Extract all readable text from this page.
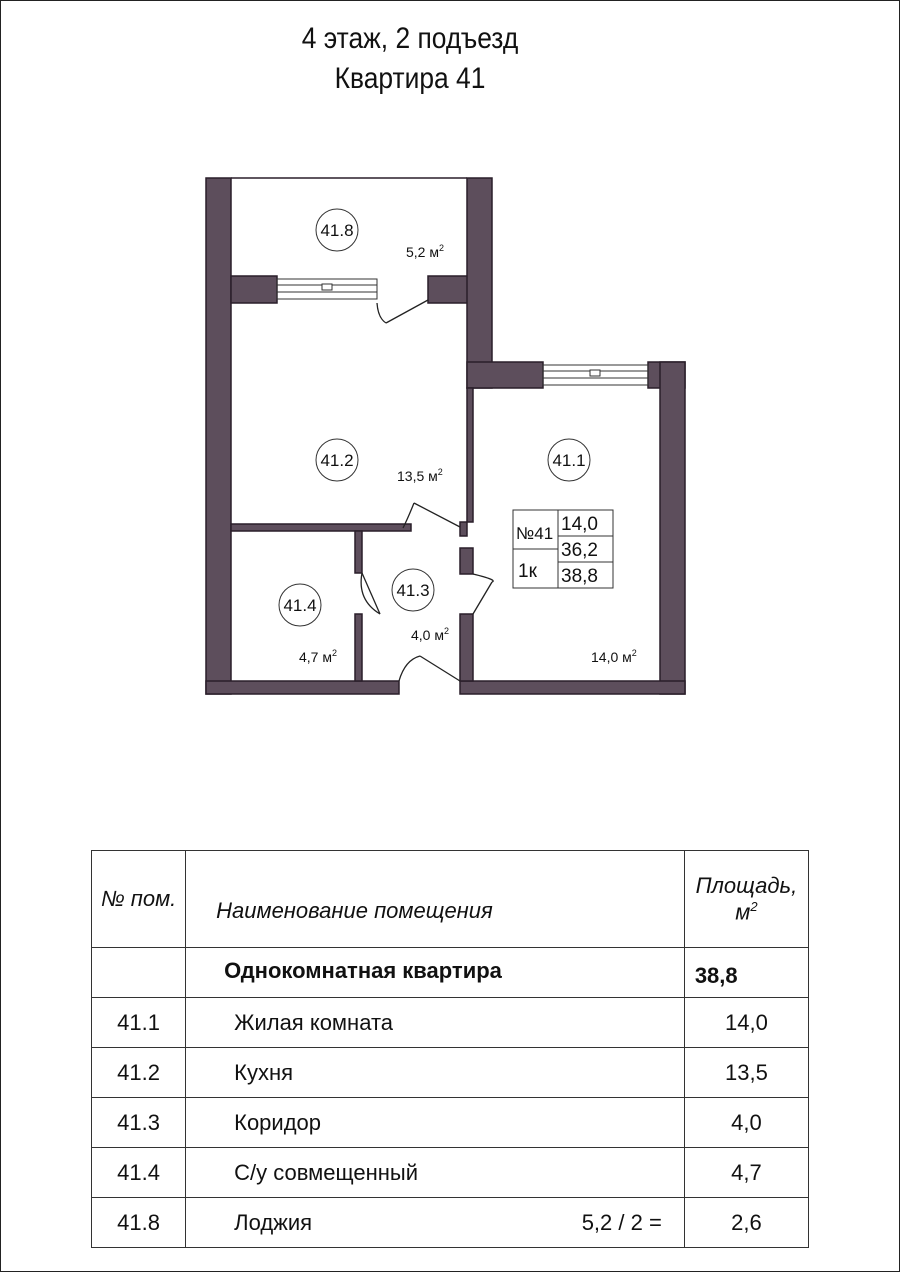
4 этаж, 2 подъезд
Квартира 41
41.8
41.2	41.1
41.4
41.3
5,2 $м^2$
13,5 $м^2$
14,0 $м^2$
4,7 $м^2$
4,0 $м^2$
№41
1к
14,0
36,2
38,8
№ пом.	Наименование помещения	Площадь, $м^2$

	Однокомнатная квартира	38,8

41.1	Жилая комната	14,0
41.2	Кухня	13,5
41.3	Коридор	4,0
41.4	С/у совмещенный	4,7
41.8	Лоджия 5,2 / 2 =	2,6
